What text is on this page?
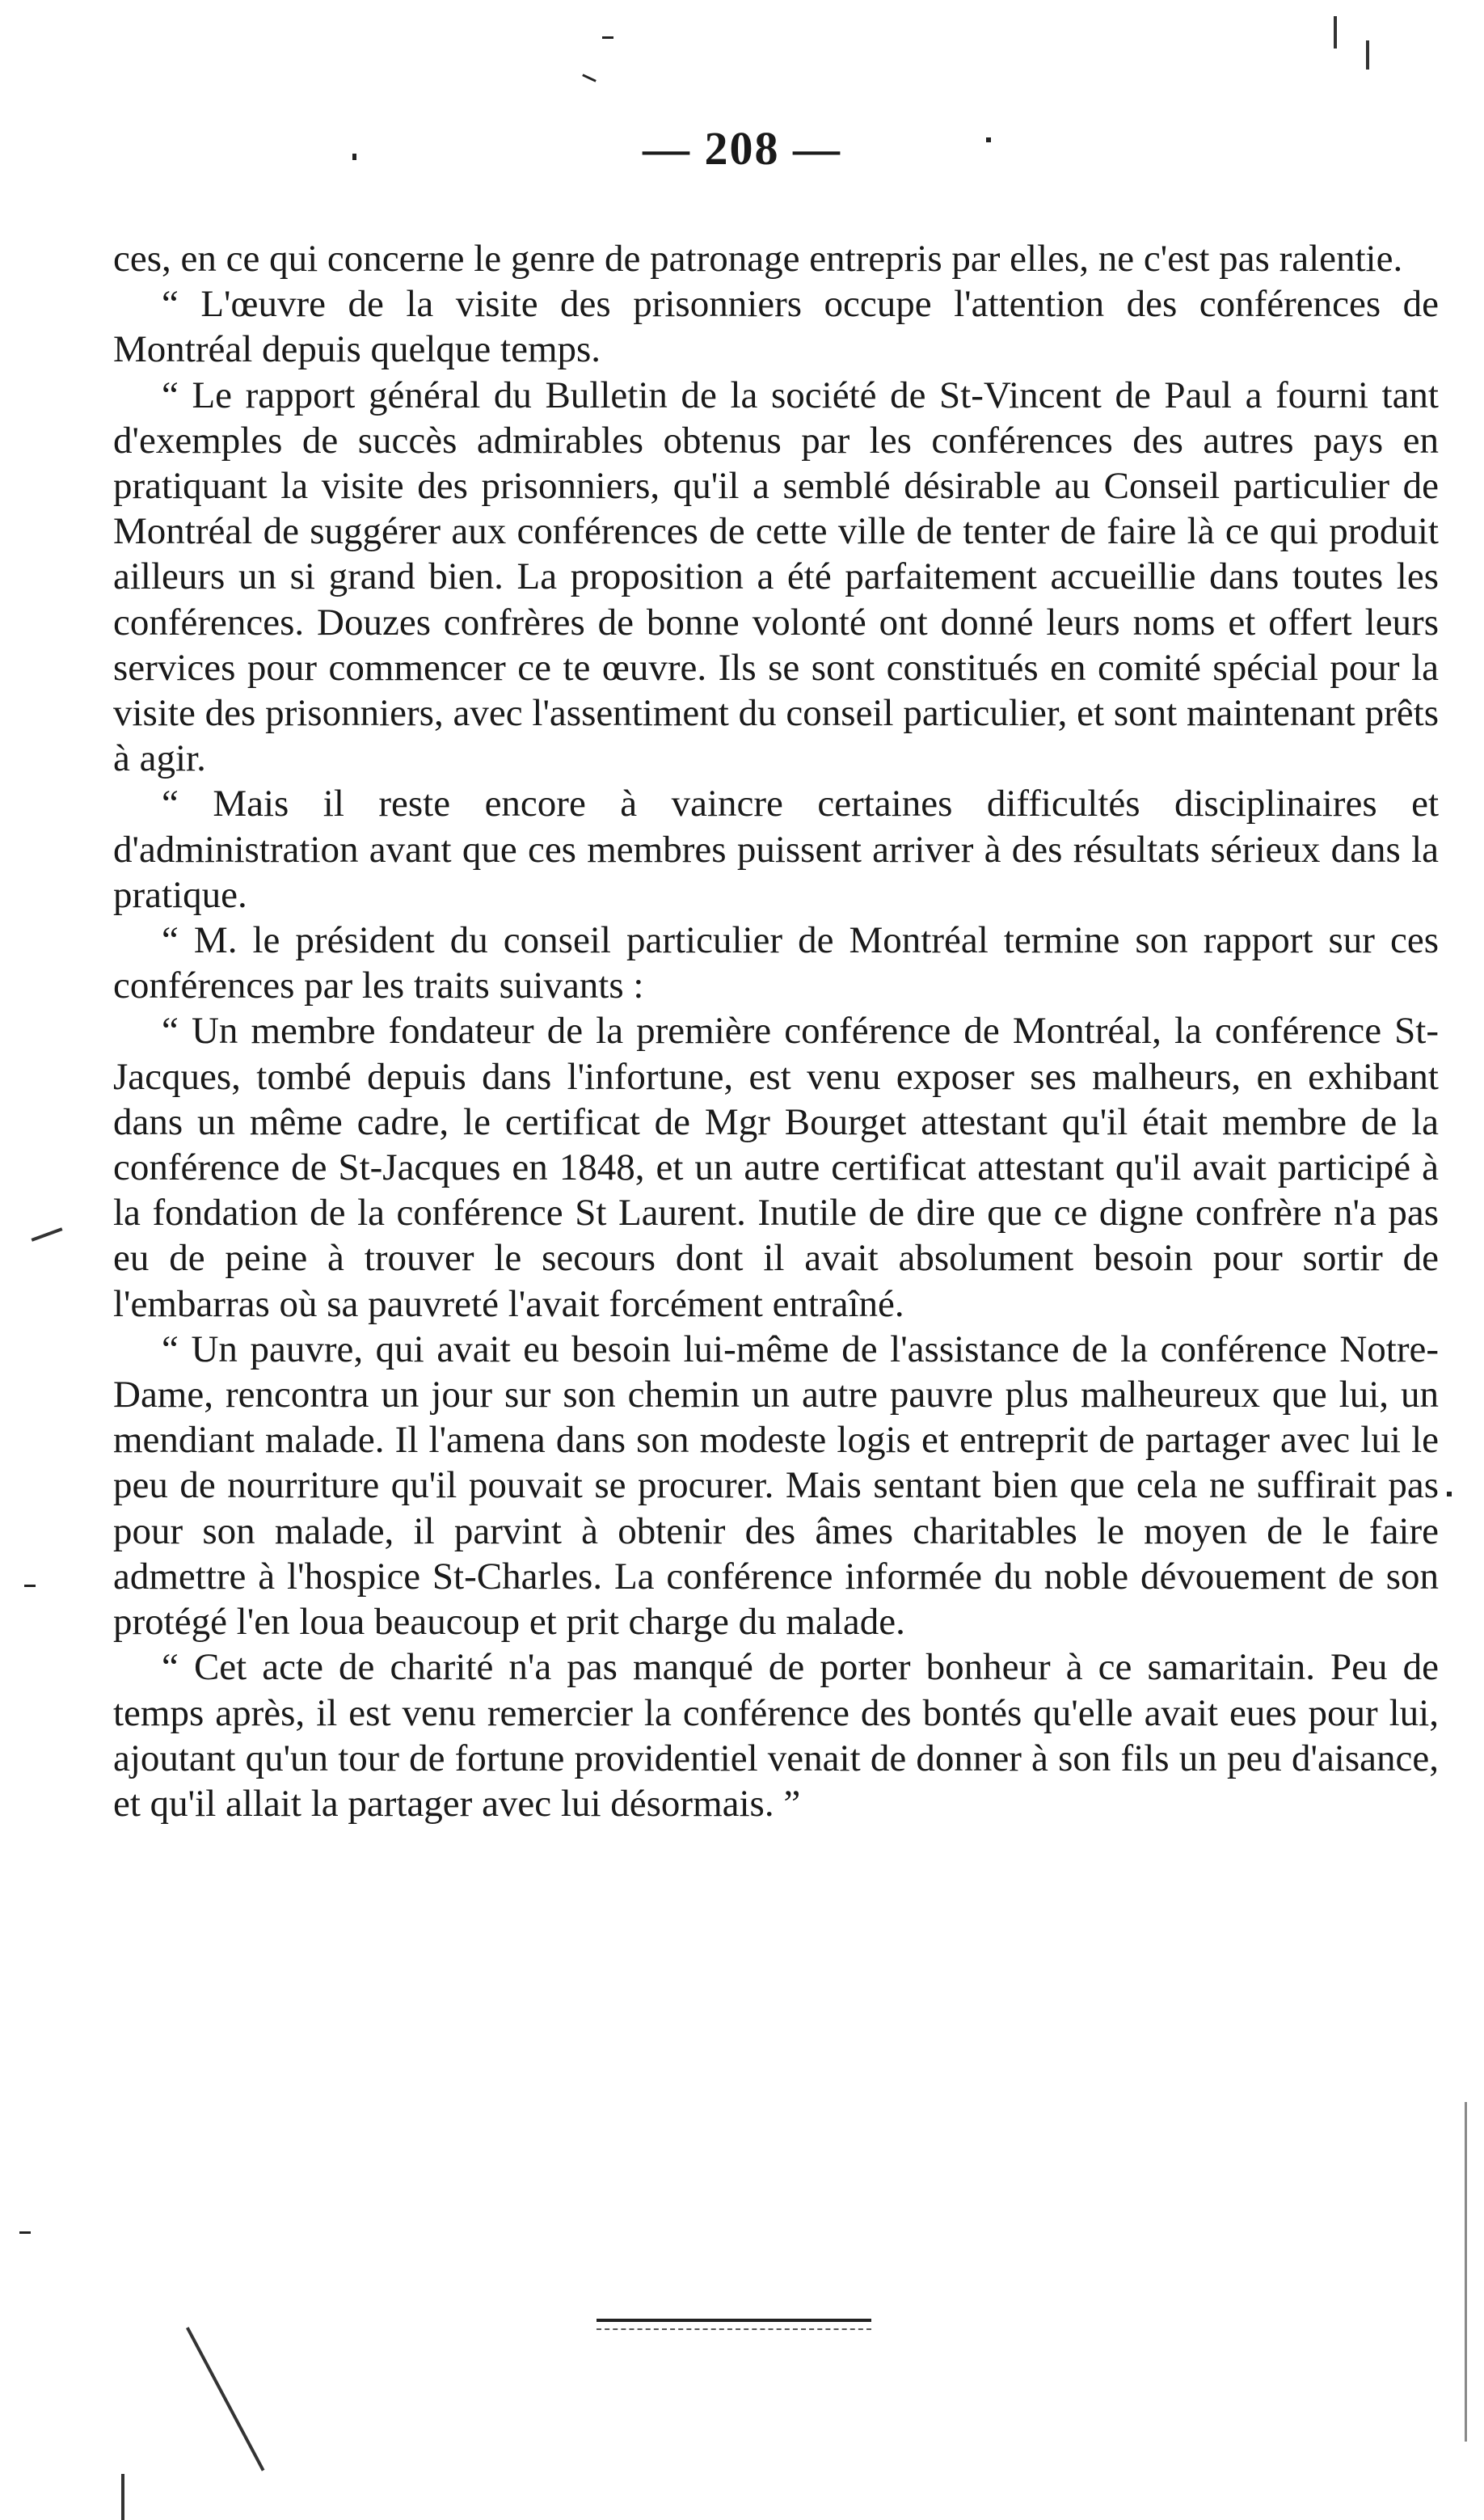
— 208 —

ces, en ce qui concerne le genre de patronage entrepris par elles, ne c'est pas ralentie.

“ L'œuvre de la visite des prisonniers occupe l'attention des conférences de Montréal depuis quelque temps.

“ Le rapport général du Bulletin de la société de St-Vincent de Paul a fourni tant d'exemples de succès admirables obtenus par les conférences des autres pays en pratiquant la visite des prisonniers, qu'il a semblé désirable au Conseil particulier de Montréal de suggérer aux conférences de cette ville de tenter de faire là ce qui produit ailleurs un si grand bien. La proposition a été parfaitement accueillie dans toutes les conférences. Douzes confrères de bonne volonté ont donné leurs noms et offert leurs services pour commencer ce te œuvre. Ils se sont constitués en comité spécial pour la visite des prisonniers, avec l'assentiment du conseil particulier, et sont maintenant prêts à agir.

“ Mais il reste encore à vaincre certaines difficultés disciplinaires et d'administration avant que ces membres puissent arriver à des résultats sérieux dans la pratique.

“ M. le président du conseil particulier de Montréal termine son rapport sur ces conférences par les traits suivants :

“ Un membre fondateur de la première conférence de Montréal, la conférence St-Jacques, tombé depuis dans l'infortune, est venu exposer ses malheurs, en exhibant dans un même cadre, le certificat de Mgr Bourget attestant qu'il était membre de la conférence de St-Jacques en 1848, et un autre certificat attestant qu'il avait participé à la fondation de la conférence St Laurent. Inutile de dire que ce digne confrère n'a pas eu de peine à trouver le secours dont il avait absolument besoin pour sortir de l'embarras où sa pauvreté l'avait forcément entraîné.

“ Un pauvre, qui avait eu besoin lui-même de l'assistance de la conférence Notre-Dame, rencontra un jour sur son chemin un autre pauvre plus malheureux que lui, un mendiant malade. Il l'amena dans son modeste logis et entreprit de partager avec lui le peu de nourriture qu'il pouvait se procurer. Mais sentant bien que cela ne suffirait pas pour son malade, il parvint à obtenir des âmes charitables le moyen de le faire admettre à l'hospice St-Charles. La conférence informée du noble dévouement de son protégé l'en loua beaucoup et prit charge du malade.

“ Cet acte de charité n'a pas manqué de porter bonheur à ce samaritain. Peu de temps après, il est venu remercier la conférence des bontés qu'elle avait eues pour lui, ajoutant qu'un tour de fortune providentiel venait de donner à son fils un peu d'aisance, et qu'il allait la partager avec lui désormais. ”
